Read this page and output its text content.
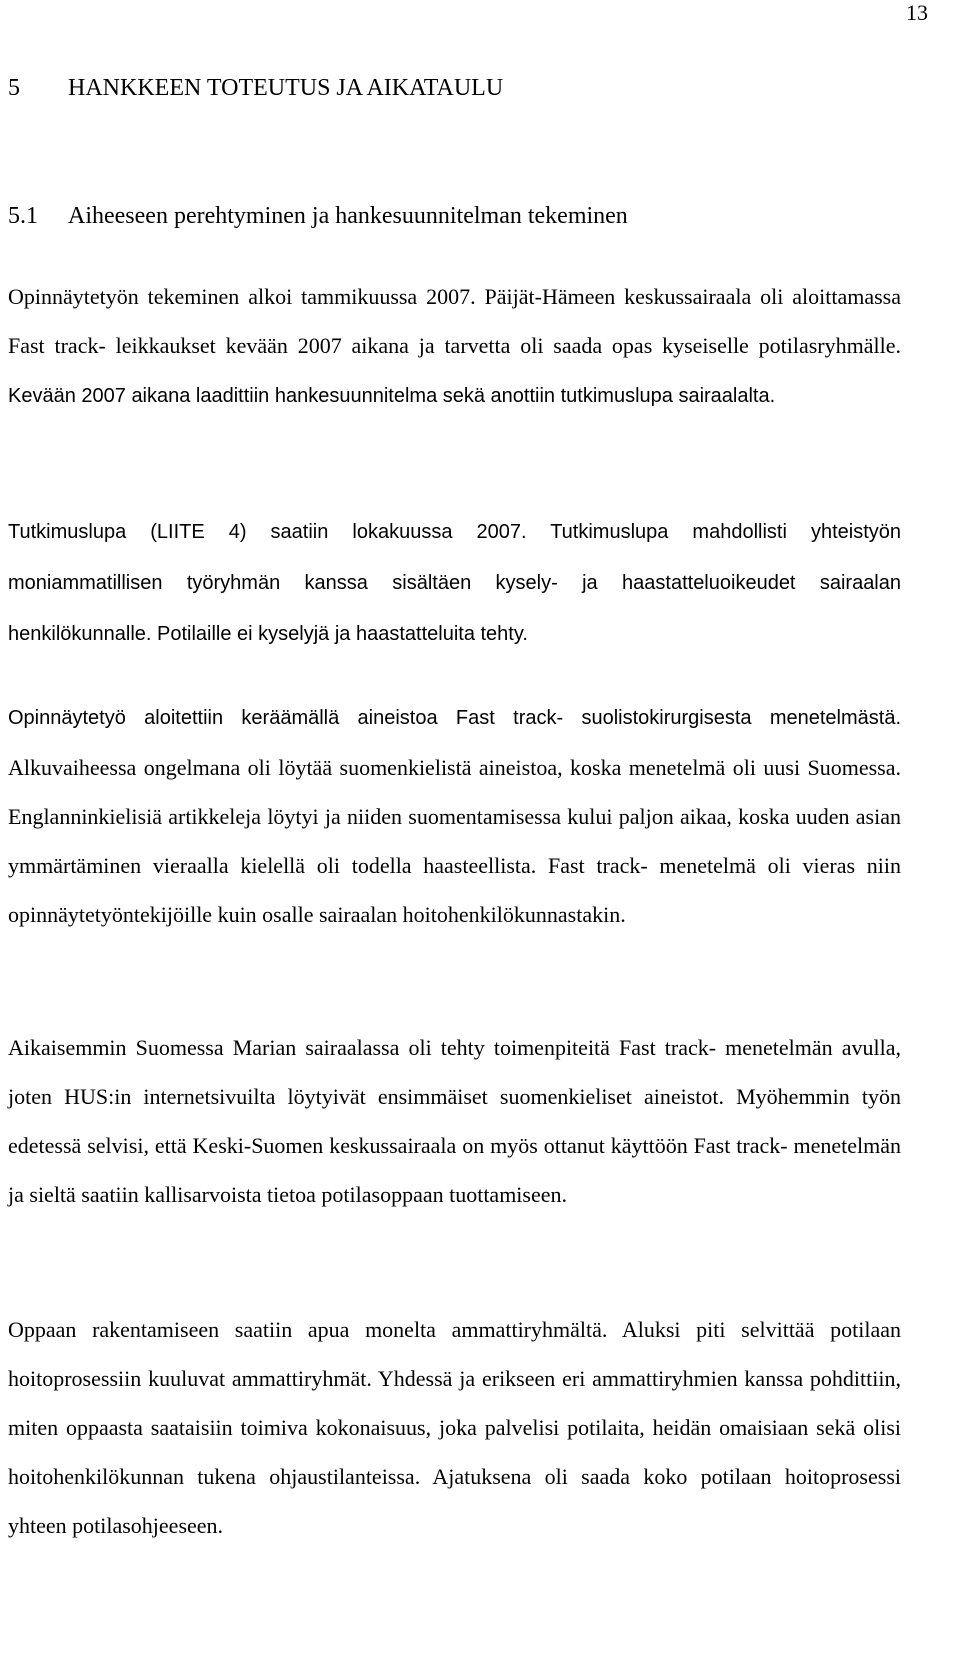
13
5 HANKKEEN TOTEUTUS JA AIKATAULU
5.1 Aiheeseen perehtyminen ja hankesuunnitelman tekeminen

Opinnäytetyön tekeminen alkoi tammikuussa 2007. Päijät-Hämeen keskussairaala oli aloittamassa Fast track- leikkaukset kevään 2007 aikana ja tarvetta oli saada opas kyseiselle potilasryhmälle. Kevään 2007 aikana laadittiin hankesuunnitelma sekä anottiin tutkimuslupa sairaalalta.

Tutkimuslupa (LIITE 4) saatiin lokakuussa 2007. Tutkimuslupa mahdollisti yhteistyön moniammatillisen työryhmän kanssa sisältäen kysely- ja haastatteluoikeudet sairaalan henkilökunnalle. Potilaille ei kyselyjä ja haastatteluita tehty.

Opinnäytetyö aloitettiin keräämällä aineistoa Fast track- suolistokirurgisesta menetelmästä. Alkuvaiheessa ongelmana oli löytää suomenkielistä aineistoa, koska menetelmä oli uusi Suomessa. Englanninkielisiä artikkeleja löytyi ja niiden suomentamisessa kului paljon aikaa, koska uuden asian ymmärtäminen vieraalla kielellä oli todella haasteellista. Fast track- menetelmä oli vieras niin opinnäytetyöntekijöille kuin osalle sairaalan hoitohenkilökunnastakin.

Aikaisemmin Suomessa Marian sairaalassa oli tehty toimenpiteitä Fast track- menetelmän avulla, joten HUS:in internetsivuilta löytyivät ensimmäiset suomenkieliset aineistot. Myöhemmin työn edetessä selvisi, että Keski-Suomen keskussairaala on myös ottanut käyttöön Fast track- menetelmän ja sieltä saatiin kallisarvoista tietoa potilasoppaan tuottamiseen.

Oppaan rakentamiseen saatiin apua monelta ammattiryhmältä. Aluksi piti selvittää potilaan hoitoprosessiin kuuluvat ammattiryhmät. Yhdessä ja erikseen eri ammattiryhmien kanssa pohdittiin, miten oppaasta saataisiin toimiva kokonaisuus, joka palvelisi potilaita, heidän omaisiaan sekä olisi hoitohenkilökunnan tukena ohjaustilanteissa. Ajatuksena oli saada koko potilaan hoitoprosessi yhteen potilasohjeeseen.
